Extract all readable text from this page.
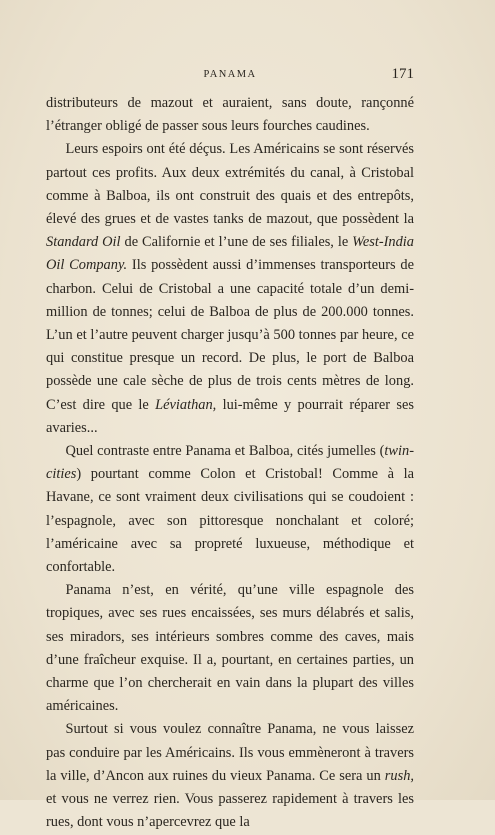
PANAMA	171

distributeurs de mazout et auraient, sans doute, rançonné l’étranger obligé de passer sous leurs fourches caudines.

Leurs espoirs ont été déçus. Les Américains se sont réservés partout ces profits. Aux deux extrémités du canal, à Cristobal comme à Balboa, ils ont construit des quais et des entrepôts, élevé des grues et de vastes tanks de mazout, que possèdent la Standard Oil de Californie et l’une de ses filiales, le West-India Oil Company. Ils possèdent aussi d’immenses transporteurs de charbon. Celui de Cristobal a une capacité totale d’un demi-million de tonnes; celui de Balboa de plus de 200.000 tonnes. L’un et l’autre peuvent charger jusqu’à 500 tonnes par heure, ce qui constitue presque un record. De plus, le port de Balboa possède une cale sèche de plus de trois cents mètres de long. C’est dire que le Léviathan, lui-même y pourrait réparer ses avaries...

Quel contraste entre Panama et Balboa, cités jumelles (twin-cities) pourtant comme Colon et Cristobal! Comme à la Havane, ce sont vraiment deux civilisations qui se coudoient : l’espagnole, avec son pittoresque nonchalant et coloré; l’américaine avec sa propreté luxueuse, méthodique et confortable.

Panama n’est, en vérité, qu’une ville espagnole des tropiques, avec ses rues encaissées, ses murs délabrés et salis, ses miradors, ses intérieurs sombres comme des caves, mais d’une fraîcheur exquise. Il a, pourtant, en certaines parties, un charme que l’on chercherait en vain dans la plupart des villes américaines.

Surtout si vous voulez connaître Panama, ne vous laissez pas conduire par les Américains. Ils vous emmèneront à travers la ville, d’Ancon aux ruines du vieux Panama. Ce sera un rush, et vous ne verrez rien. Vous passerez rapidement à travers les rues, dont vous n’apercevrez que la
